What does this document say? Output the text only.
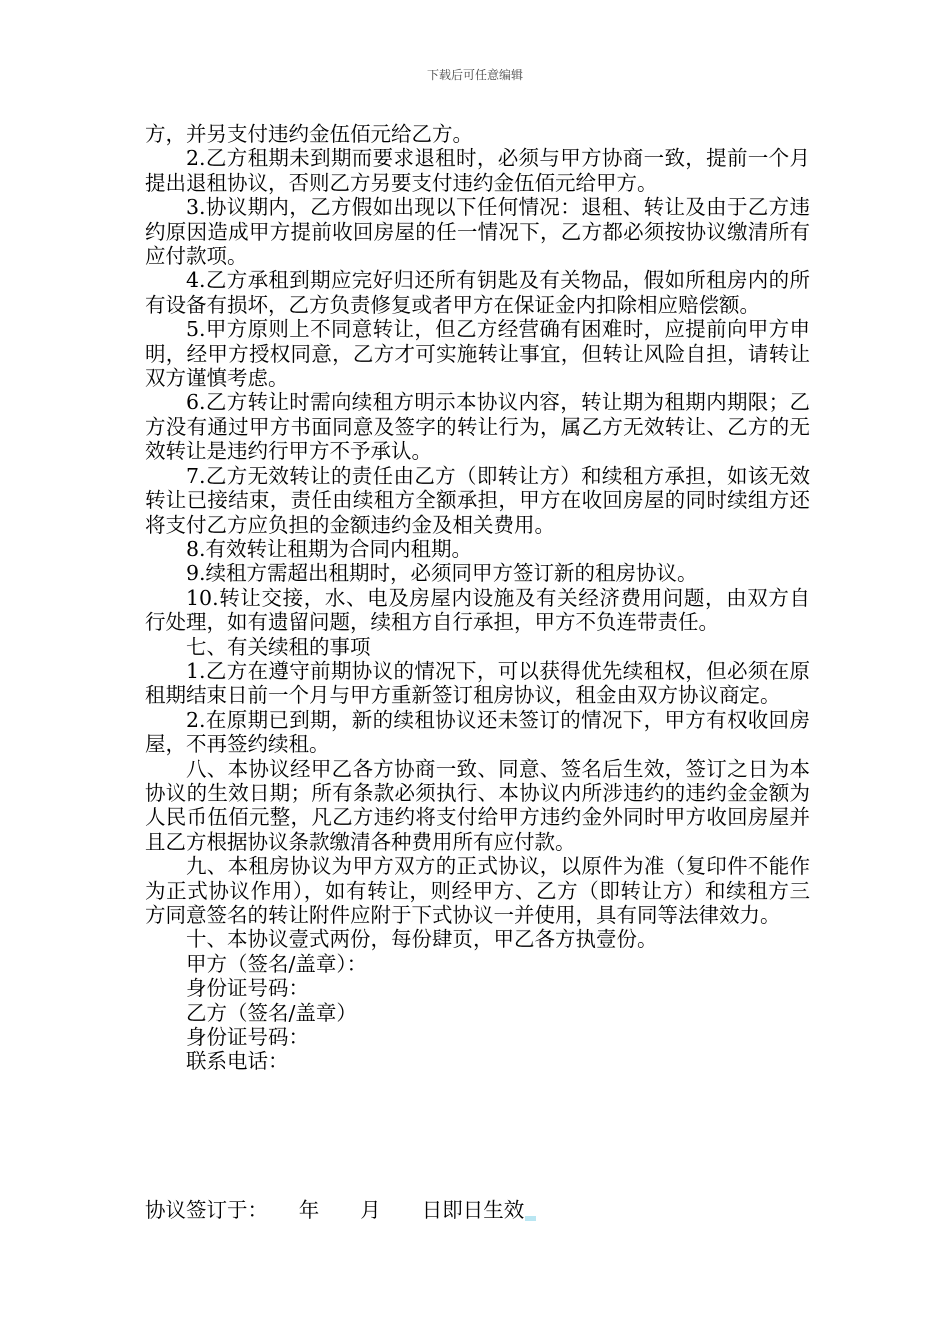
下载后可任意编辑

方，并另支付违约金伍佰元给乙方。

2.乙方租期未到期而要求退租时，必须与甲方协商一致，提前一个月提出退租协议，否则乙方另要支付违约金伍佰元给甲方。

3.协议期内，乙方假如出现以下任何情况：退租、转让及由于乙方违约原因造成甲方提前收回房屋的任一情况下，乙方都必须按协议缴清所有应付款项。

4.乙方承租到期应完好归还所有钥匙及有关物品，假如所租房内的所有设备有损坏，乙方负责修复或者甲方在保证金内扣除相应赔偿额。

5.甲方原则上不同意转让，但乙方经营确有困难时，应提前向甲方申明，经甲方授权同意，乙方才可实施转让事宜，但转让风险自担，请转让双方谨慎考虑。

6.乙方转让时需向续租方明示本协议内容，转让期为租期内期限；乙方没有通过甲方书面同意及签字的转让行为，属乙方无效转让、乙方的无效转让是违约行甲方不予承认。

7.乙方无效转让的责任由乙方（即转让方）和续租方承担，如该无效转让已接结束，责任由续租方全额承担，甲方在收回房屋的同时续组方还将支付乙方应负担的金额违约金及相关费用。

8.有效转让租期为合同内租期。

9.续租方需超出租期时，必须同甲方签订新的租房协议。

10.转让交接，水、电及房屋内设施及有关经济费用问题，由双方自行处理，如有遗留问题，续租方自行承担，甲方不负连带责任。

七、有关续租的事项

1.乙方在遵守前期协议的情况下，可以获得优先续租权，但必须在原租期结束日前一个月与甲方重新签订租房协议，租金由双方协议商定。

2.在原期已到期，新的续租协议还未签订的情况下，甲方有权收回房屋，不再签约续租。

八、本协议经甲乙各方协商一致、同意、签名后生效，签订之日为本协议的生效日期；所有条款必须执行、本协议内所涉违约的违约金金额为人民币伍佰元整，凡乙方违约将支付给甲方违约金外同时甲方收回房屋并且乙方根据协议条款缴清各种费用所有应付款。

九、本租房协议为甲方双方的正式协议，以原件为准（复印件不能作为正式协议作用），如有转让，则经甲方、乙方（即转让方）和续租方三方同意签名的转让附件应附于下式协议一并使用，具有同等法律效力。

十、本协议壹式两份，每份肆页，甲乙各方执壹份。

甲方（签名/盖章）：

身份证号码：

乙方（签名/盖章）

身份证号码：

联系电话：

协议签订于：　　年　　月　　日即日生效
